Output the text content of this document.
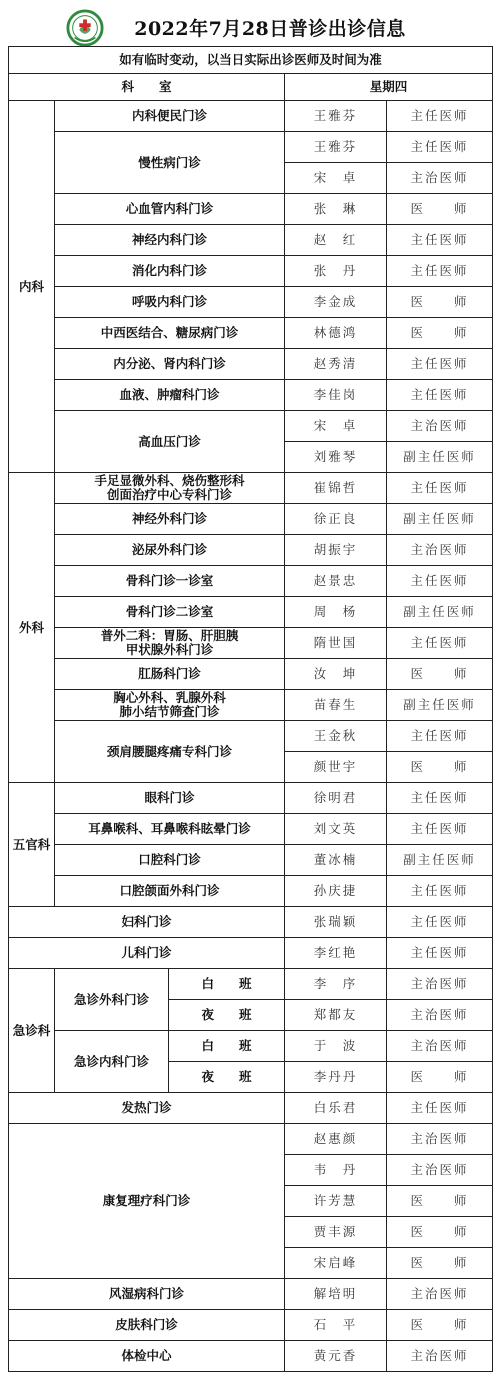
2022年7月28日普诊出诊信息
如有临时变动，以当日实际出诊医师及时间为准				
科　　室			星期四	
内科	内科便民门诊		王雅芬	主任医师
	慢性病门诊		王雅芬	主任医师
			宋　卓	主治医师
	心血管内科门诊		张　琳	医　　师
	神经内科门诊		赵　红	主任医师
	消化内科门诊		张　丹	主任医师
	呼吸内科门诊		李金成	医　　师
	中西医结合、糖尿病门诊		林德鸿	医　　师
	内分泌、肾内科门诊		赵秀清	主任医师
	血液、肿瘤科门诊		李佳岗	主任医师
	高血压门诊		宋　卓	主治医师
			刘雅琴	副主任医师
外科	手足显微外科、烧伤整形科
创面治疗中心专科门诊		崔锦哲	主任医师
	神经外科门诊		徐正良	副主任医师
	泌尿外科门诊		胡振宇	主治医师
	骨科门诊一诊室		赵景忠	主任医师
	骨科门诊二诊室		周　杨	副主任医师

	普外二科：胃肠、肝胆胰
甲状腺外科门诊		隋世国	主任医师
	肛肠科门诊		汝　坤	医　　师

	胸心外科、乳腺外科
肺小结节筛查门诊		苗春生	副主任医师
	颈肩腰腿疼痛专科门诊		王金秋	主任医师
			颜世宇	医　　师
五官科	眼科门诊		徐明君	主任医师
	耳鼻喉科、耳鼻喉科眩晕门诊		刘文英	主任医师
	口腔科门诊		董冰楠	副主任医师
	口腔颌面外科门诊		孙庆捷	主任医师
妇科门诊			张瑞颖	主任医师
儿科门诊			李红艳	主任医师
急诊科	急诊外科门诊	白　　班	李　序	主治医师
		夜　　班	郑都友	主治医师
	急诊内科门诊	白　　班	于　波	主治医师
		夜　　班	李丹丹	医　　师
发热门诊			白乐君	主任医师
康复理疗科门诊			赵惠颜	主治医师
			韦　丹	主治医师
			许芳慧	医　　师
			贾丰源	医　　师
			宋启峰	医　　师
风湿病科门诊			解培明	主治医师
皮肤科门诊			石　平	医　　师
体检中心			黄元香	主治医师
